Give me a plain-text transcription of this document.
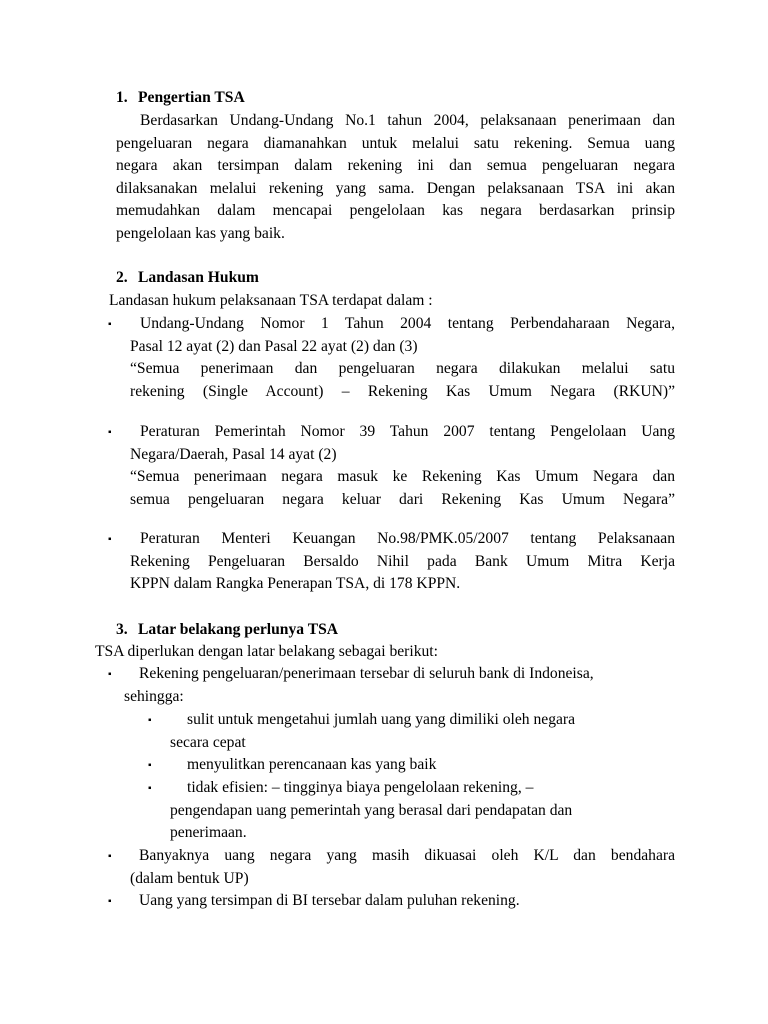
1. Pengertian TSA
Berdasarkan Undang-Undang No.1 tahun 2004, pelaksanaan penerimaan dan
pengeluaran negara diamanahkan untuk melalui satu rekening. Semua uang
negara akan tersimpan dalam rekening ini dan semua pengeluaran negara
dilaksanakan melalui rekening yang sama. Dengan pelaksanaan TSA ini akan
memudahkan dalam mencapai pengelolaan kas negara berdasarkan prinsip
pengelolaan kas yang baik.
2. Landasan Hukum
Landasan hukum pelaksanaan TSA terdapat dalam :
▪	Undang-Undang Nomor 1 Tahun 2004 tentang Perbendaharaan Negara,
Pasal 12 ayat (2) dan Pasal 22 ayat (2) dan (3)
“Semua penerimaan dan pengeluaran negara dilakukan melalui satu
rekening (Single Account) – Rekening Kas Umum Negara (RKUN)”
▪	Peraturan Pemerintah Nomor 39 Tahun 2007 tentang Pengelolaan Uang
Negara/Daerah, Pasal 14 ayat (2)
“Semua penerimaan negara masuk ke Rekening Kas Umum Negara dan
semua pengeluaran negara keluar dari Rekening Kas Umum Negara”
▪	Peraturan Menteri Keuangan No.98/PMK.05/2007 tentang Pelaksanaan
Rekening Pengeluaran Bersaldo Nihil pada Bank Umum Mitra Kerja
KPPN dalam Rangka Penerapan TSA, di 178 KPPN.
3. Latar belakang perlunya TSA
TSA diperlukan dengan latar belakang sebagai berikut:
▪ Rekening pengeluaran/penerimaan tersebar di seluruh bank di Indoneisa,
sehingga:
▪ sulit untuk mengetahui jumlah uang yang dimiliki oleh negara
secara cepat
▪ menyulitkan perencanaan kas yang baik
▪ tidak efisien: – tingginya biaya pengelolaan rekening, –
pengendapan uang pemerintah yang berasal dari pendapatan dan
penerimaan.
▪	Banyaknya uang negara yang masih dikuasai oleh K/L dan bendahara
(dalam bentuk UP)
▪ Uang yang tersimpan di BI tersebar dalam puluhan rekening.
